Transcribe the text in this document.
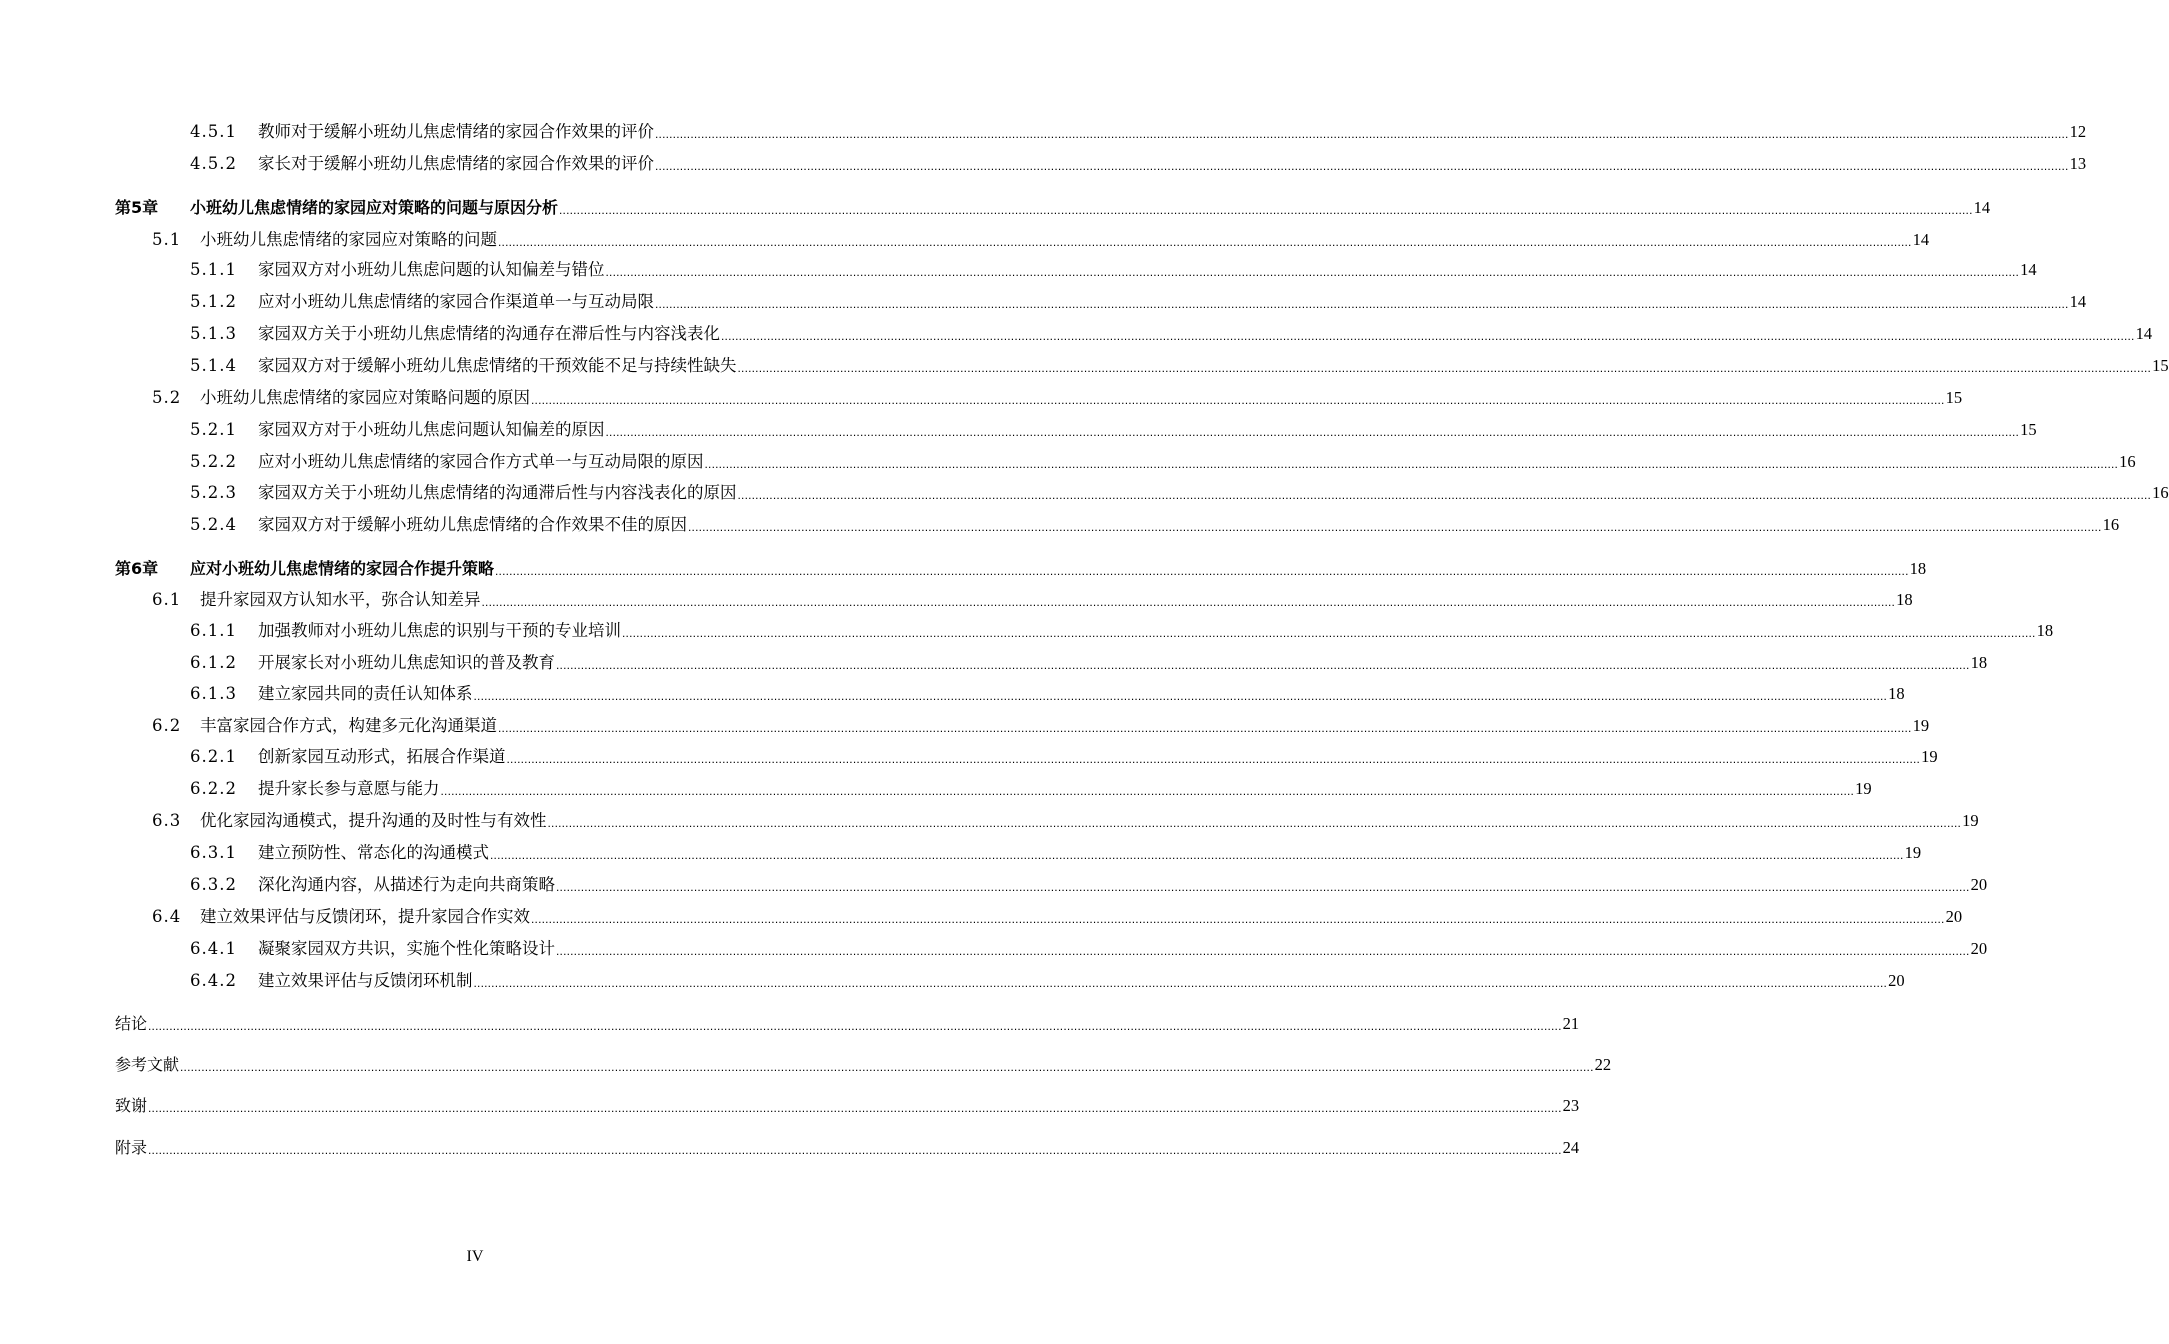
4.5.1	教师对于缓解小班幼儿焦虑情绪的家园合作效果的评价 ................................................................................................................................................................................................................................................................................................................................................................................................................ 12
4.5.2	家长对于缓解小班幼儿焦虑情绪的家园合作效果的评价 ................................................................................................................................................................................................................................................................................................................................................................................................................ 13
第5章	小班幼儿焦虑情绪的家园应对策略的问题与原因分析 ................................................................................................................................................................................................................................................................................................................................................................................................................ 14
5.1	小班幼儿焦虑情绪的家园应对策略的问题 ................................................................................................................................................................................................................................................................................................................................................................................................................ 14
5.1.1	家园双方对小班幼儿焦虑问题的认知偏差与错位 ................................................................................................................................................................................................................................................................................................................................................................................................................ 14
5.1.2	应对小班幼儿焦虑情绪的家园合作渠道单一与互动局限 ................................................................................................................................................................................................................................................................................................................................................................................................................ 14
5.1.3	家园双方关于小班幼儿焦虑情绪的沟通存在滞后性与内容浅表化 ................................................................................................................................................................................................................................................................................................................................................................................................................ 14
5.1.4	家园双方对于缓解小班幼儿焦虑情绪的干预效能不足与持续性缺失 ................................................................................................................................................................................................................................................................................................................................................................................................................ 15
5.2	小班幼儿焦虑情绪的家园应对策略问题的原因 ................................................................................................................................................................................................................................................................................................................................................................................................................ 15
5.2.1	家园双方对于小班幼儿焦虑问题认知偏差的原因 ................................................................................................................................................................................................................................................................................................................................................................................................................ 15
5.2.2	应对小班幼儿焦虑情绪的家园合作方式单一与互动局限的原因 ................................................................................................................................................................................................................................................................................................................................................................................................................ 16
5.2.3	家园双方关于小班幼儿焦虑情绪的沟通滞后性与内容浅表化的原因 ................................................................................................................................................................................................................................................................................................................................................................................................................ 16
5.2.4	家园双方对于缓解小班幼儿焦虑情绪的合作效果不佳的原因 ................................................................................................................................................................................................................................................................................................................................................................................................................ 16
第6章	应对小班幼儿焦虑情绪的家园合作提升策略 ................................................................................................................................................................................................................................................................................................................................................................................................................ 18
6.1	提升家园双方认知水平，弥合认知差异 ................................................................................................................................................................................................................................................................................................................................................................................................................ 18
6.1.1	加强教师对小班幼儿焦虑的识别与干预的专业培训 ................................................................................................................................................................................................................................................................................................................................................................................................................ 18
6.1.2	开展家长对小班幼儿焦虑知识的普及教育 ................................................................................................................................................................................................................................................................................................................................................................................................................ 18
6.1.3	建立家园共同的责任认知体系 ................................................................................................................................................................................................................................................................................................................................................................................................................ 18
6.2	丰富家园合作方式，构建多元化沟通渠道 ................................................................................................................................................................................................................................................................................................................................................................................................................ 19
6.2.1	创新家园互动形式，拓展合作渠道 ................................................................................................................................................................................................................................................................................................................................................................................................................ 19
6.2.2	提升家长参与意愿与能力 ................................................................................................................................................................................................................................................................................................................................................................................................................ 19
6.3	优化家园沟通模式，提升沟通的及时性与有效性 ................................................................................................................................................................................................................................................................................................................................................................................................................ 19
6.3.1	建立预防性、常态化的沟通模式 ................................................................................................................................................................................................................................................................................................................................................................................................................ 19
6.3.2	深化沟通内容，从描述行为走向共商策略 ................................................................................................................................................................................................................................................................................................................................................................................................................ 20
6.4	建立效果评估与反馈闭环，提升家园合作实效 ................................................................................................................................................................................................................................................................................................................................................................................................................ 20
6.4.1	凝聚家园双方共识，实施个性化策略设计 ................................................................................................................................................................................................................................................................................................................................................................................................................ 20
6.4.2	建立效果评估与反馈闭环机制 ................................................................................................................................................................................................................................................................................................................................................................................................................ 20
结论 ................................................................................................................................................................................................................................................................................................................................................................................................................ 21
参考文献 ................................................................................................................................................................................................................................................................................................................................................................................................................ 22
致谢 ................................................................................................................................................................................................................................................................................................................................................................................................................ 23
附录 ................................................................................................................................................................................................................................................................................................................................................................................................................ 24
IV
